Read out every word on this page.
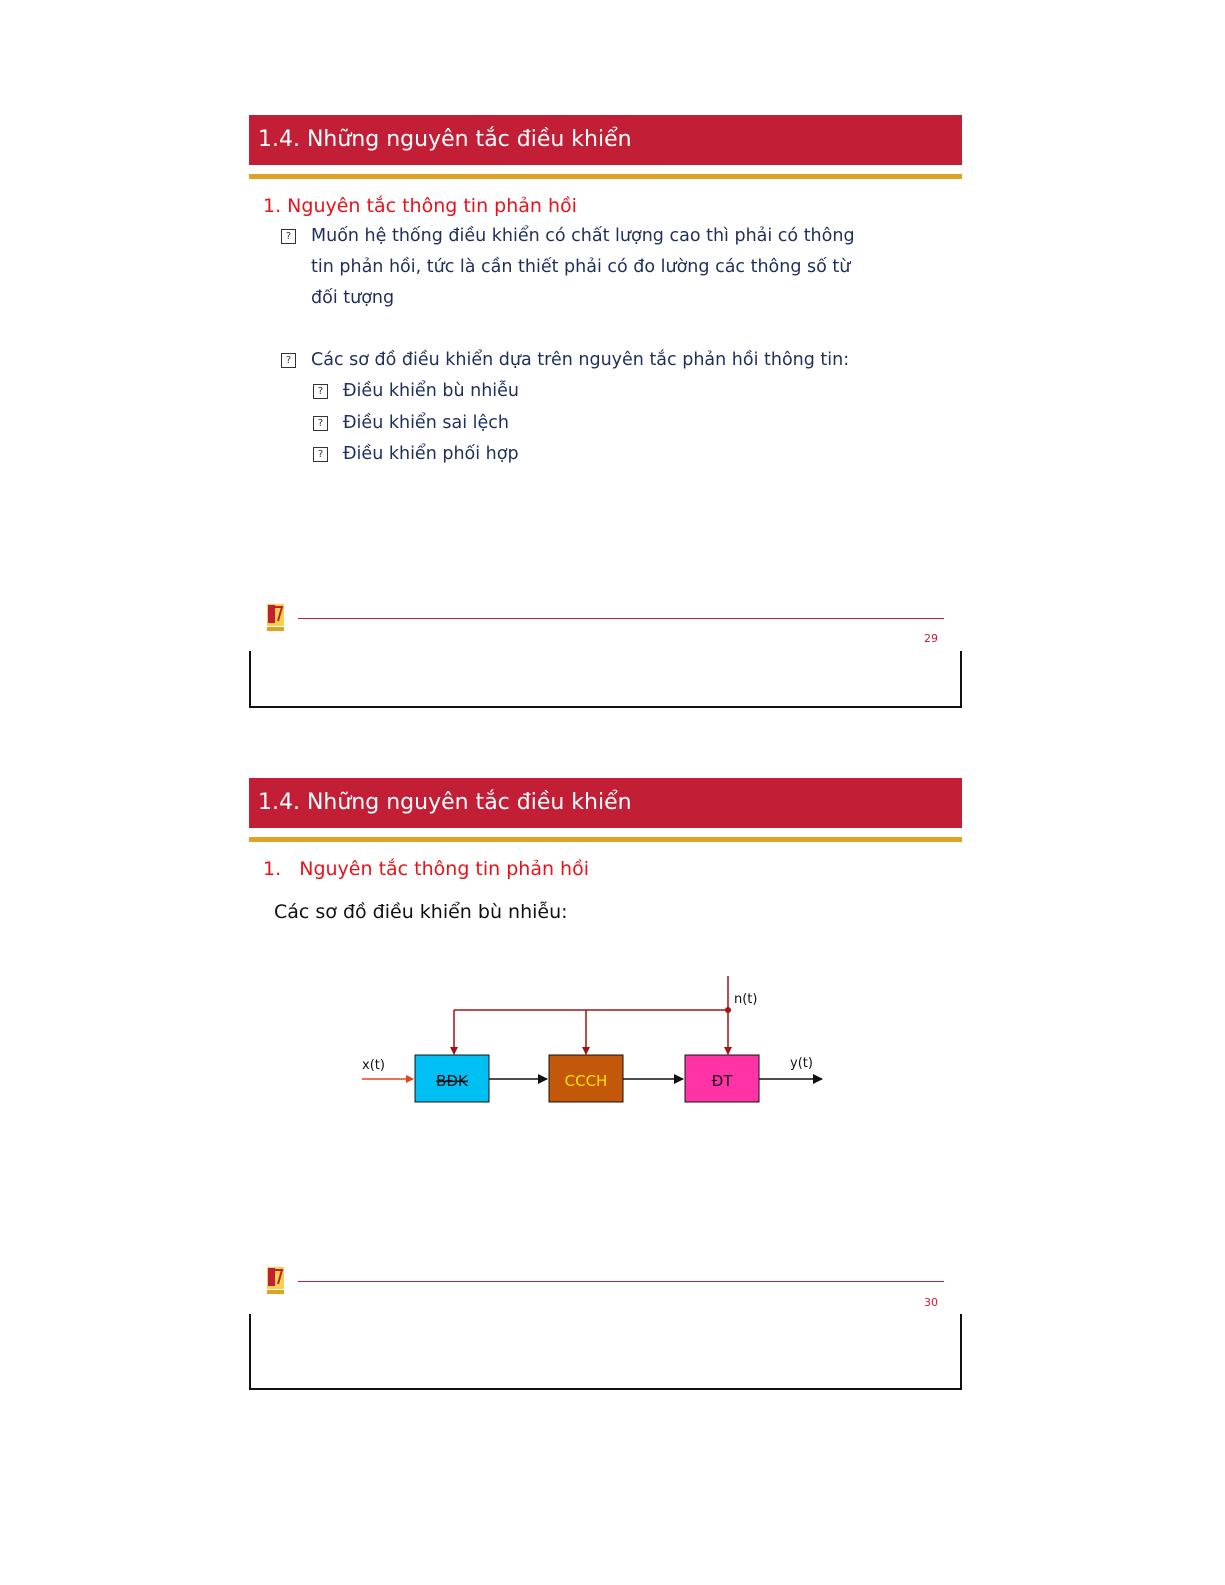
1.4. Những nguyên tắc điều khiển
1. Nguyên tắc thông tin phản hồi
? Muốn hệ thống điều khiển có chất lượng cao thì phải có thông
tin phản hồi, tức là cần thiết phải có đo lường các thông số từ
đối tượng
? Các sơ đồ điều khiển dựa trên nguyên tắc phản hồi thông tin:
? Điều khiển bù nhiễu
? Điều khiển sai lệch
? Điều khiển phối hợp
29
1.4. Những nguyên tắc điều khiển
1.   Nguyên tắc thông tin phản hồi
Các sơ đồ điều khiển bù nhiễu:
BĐK	CCCH	ĐT
x(t)
n(t)
y(t)
30
